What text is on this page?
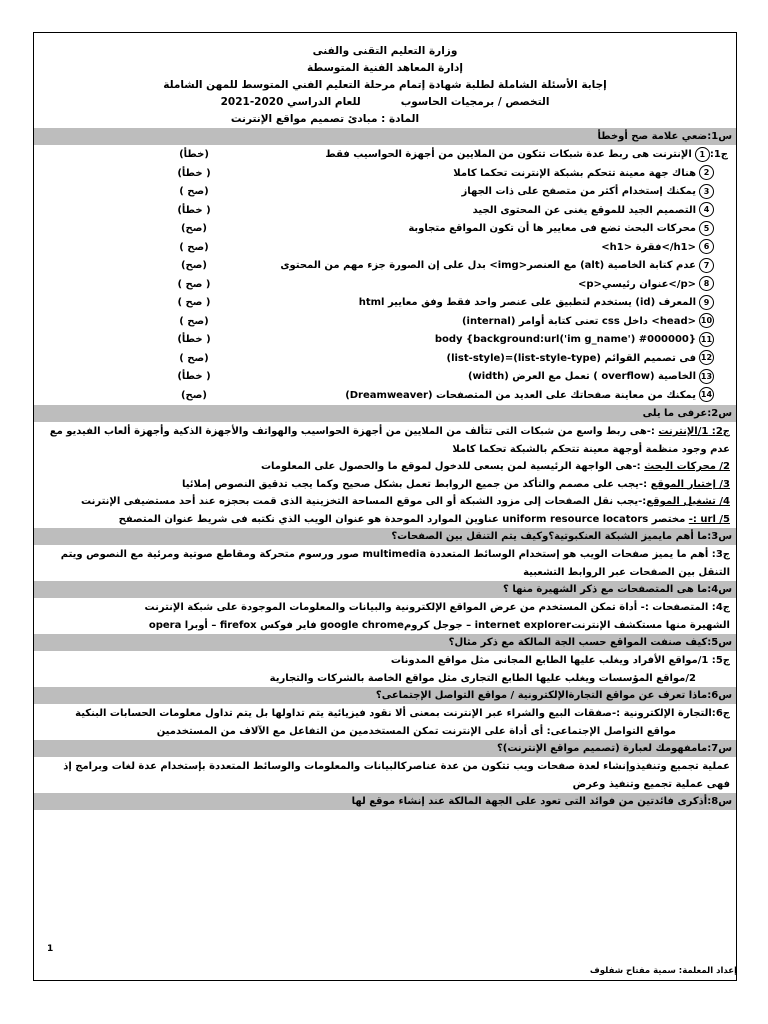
وزارة التعليم التقنى والفنى
إدارة المعاهد الفنية المتوسطة
إجابة الأسئلة الشاملة لطلبة شهادة إتمام مرحلة التعليم الفني المتوسط للمهن الشاملة
التخصص / برمجيات الحاسوب
للعام الدراسي 2020-2021
المادة : مبادئ تصميم مواقع الإنترنت
س1:ضعي علامة صح أوخطأ
ج1:1الإنترنت هى ربط عدة شبكات تتكون من الملايين من أجهزة الحواسيب فقط
(خطأ)
2هناك جهة معينة تتحكم بشبكة الإنترنت تحكما كاملا
( خطأ)
3يمكنك إستخدام أكثر من متصفح على ذات الجهاز
(صح )
4التصميم الجيد للموقع يغنى عن المحتوى الجيد
( خطأ)
5محركات البحث تضع فى معايير ها أن تكون المواقع متجاوبة
(صح)
6<h1> فقرة</h1>
(صح )
7عدم كتابة الخاصية (alt) مع العنصر<img> بدل على إن الصورة جزء مهم من المحتوى
(صح)
8<p>عنوان رئيسي</p>
( صح )
9المعرف (id) يستخدم لتطبيق على عنصر واحد فقط وفق معايير html
( صح )
10(internal) تعنى كتابة أوامر css داخل <head>
(صح )
11body {background:url('im g_name') #000000}
( خطأ)
12فى تصميم القوائم (list-style-type)=(list-style)
(صح )
13الخاصية (overflow ) تعمل مع العرض (width)
( خطأ)
14(Dreamweaver) يمكنك من معاينة صفحاتك على العديد من المتصفحات
(صح)
س2:عرفى ما يلى
ج2: 1/الإنترنت :-هى ربط واسع من شبكات التى تتألف من الملايين من أجهزة الحواسيب والهواتف والأجهزة الذكية وأجهزة ألعاب الفيديو مع عدم وجود منظمة أوجهة معينة تتحكم بالشبكة تحكما كاملا
2/ محركات البحث :-هى الواجهة الرئيسية لمن يسعى للدخول لموقع ما والحصول على المعلومات
3/ إختبار الموقع :-يجب على مصمم والتأكد من جميع الروابط تعمل بشكل صحيح وكما يجب تدقيق النصوص إملائيا
4/ تشغيل الموقع:-يجب نقل الصفحات إلى مزود الشبكة أو الى موقع المساحة التخزينية الذى قمت بحجزه عند أحد مستضيفى الإنترنت
5/ url :- مختصر uniform resource locators عناوين الموارد الموحدة هو عنوان الويب الذي نكتبه فى شريط عنوان المتصفح
س3:ما أهم مايميز الشبكة العنكبوتية؟وكيف يتم التنقل بين الصفحات؟
ج3: أهم ما يميز صفحات الويب هو إستخدام الوسائط المتعددة multimedia صور ورسوم متحركة ومقاطع صوتية ومرئية مع النصوص ويتم التنقل بين الصفحات عبر الروابط التشعبية
س4:ما هى المتصفحات مع ذكر الشهيرة منها ؟
ج4: المتصفحات :- أداة تمكن المستخدم من عرض المواقع الإلكترونية والبيانات والمعلومات الموجودة على شبكة الإنترنت
الشهيرة منها مستكشف الإنترنتinternet explorer – جوجل كرومgoogle chrome فاير فوكس firefox – أوبرا opera
س5:كيف صنفت المواقع حسب الجة المالكة مع ذكر مثال؟
ج5: 1/مواقع الأفراد ويغلب عليها الطابع المجانى مثل مواقع المدونات
2/مواقع المؤسسات ويغلب عليها الطابع التجارى مثل مواقع الخاصة بالشركات والتجارية
س6:ماذا تعرف عن مواقع التجارةالإلكترونية / مواقع التواصل الإجتماعى؟
ج6:التجارة الإلكترونية :-صفقات البيع والشراء عبر الإنترنت بمعنى ألا نقود فيزيائية يتم تداولها بل يتم تداول معلومات الحسابات البنكية
مواقع التواصل الإجتماعى: أى أداة على الإنترنت تمكن المستخدمين من التفاعل مع الآلاف من المستخدمين
س7:مامفهومك لعبارة (تصميم مواقع الإنترنت)؟
عملية تجميع وتنفيذوإنشاء لعدة صفحات ويب تتكون من عدة عناصركالبيانات والمعلومات والوسائط المتعددة بإستخدام عدة لغات وبرامج إذ فهى عملية تجميع وتنفيذ وعرض
س8:أذكرى فائدتين من فوائد التى تعود على الجهة المالكة عند إنشاء موقع لها
1
إعداد المعلمة: سمية مفتاح شفلوف
